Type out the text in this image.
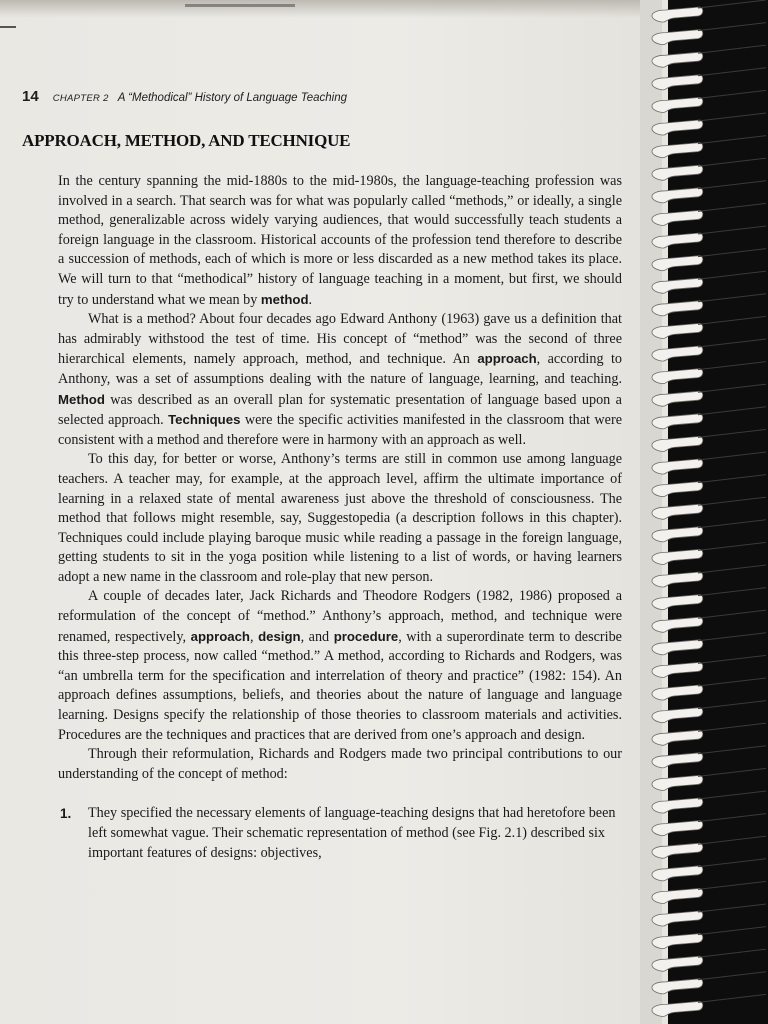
14 CHAPTER 2 A “Methodical” History of Language Teaching
APPROACH, METHOD, AND TECHNIQUE

In the century spanning the mid-1880s to the mid-1980s, the language-teaching profession was involved in a search. That search was for what was popularly called “methods,” or ideally, a single method, generalizable across widely varying audiences, that would successfully teach students a foreign language in the classroom. Historical accounts of the profession tend therefore to describe a succession of methods, each of which is more or less discarded as a new method takes its place. We will turn to that “methodical” history of language teaching in a moment, but first, we should try to understand what we mean by method.

What is a method? About four decades ago Edward Anthony (1963) gave us a definition that has admirably withstood the test of time. His concept of “method” was the second of three hierarchical elements, namely approach, method, and technique. An approach, according to Anthony, was a set of assumptions dealing with the nature of language, learning, and teaching. Method was described as an overall plan for systematic presentation of language based upon a selected approach. Techniques were the specific activities manifested in the classroom that were consistent with a method and therefore were in harmony with an approach as well.

To this day, for better or worse, Anthony’s terms are still in common use among language teachers. A teacher may, for example, at the approach level, affirm the ultimate importance of learning in a relaxed state of mental awareness just above the threshold of consciousness. The method that follows might resemble, say, Suggestopedia (a description follows in this chapter). Techniques could include playing baroque music while reading a passage in the foreign language, getting students to sit in the yoga position while listening to a list of words, or having learners adopt a new name in the classroom and role-play that new person.

A couple of decades later, Jack Richards and Theodore Rodgers (1982, 1986) proposed a reformulation of the concept of “method.” Anthony’s approach, method, and technique were renamed, respectively, approach, design, and procedure, with a superordinate term to describe this three-step process, now called “method.” A method, according to Richards and Rodgers, was “an umbrella term for the specification and interrelation of theory and practice” (1982: 154). An approach defines assumptions, beliefs, and theories about the nature of language and language learning. Designs specify the relationship of those theories to classroom materials and activities. Procedures are the techniques and practices that are derived from one’s approach and design.

Through their reformulation, Richards and Rodgers made two principal contributions to our understanding of the concept of method:

1. They specified the necessary elements of language-teaching designs that had heretofore been left somewhat vague. Their schematic representation of method (see Fig. 2.1) described six important features of designs: objectives,
